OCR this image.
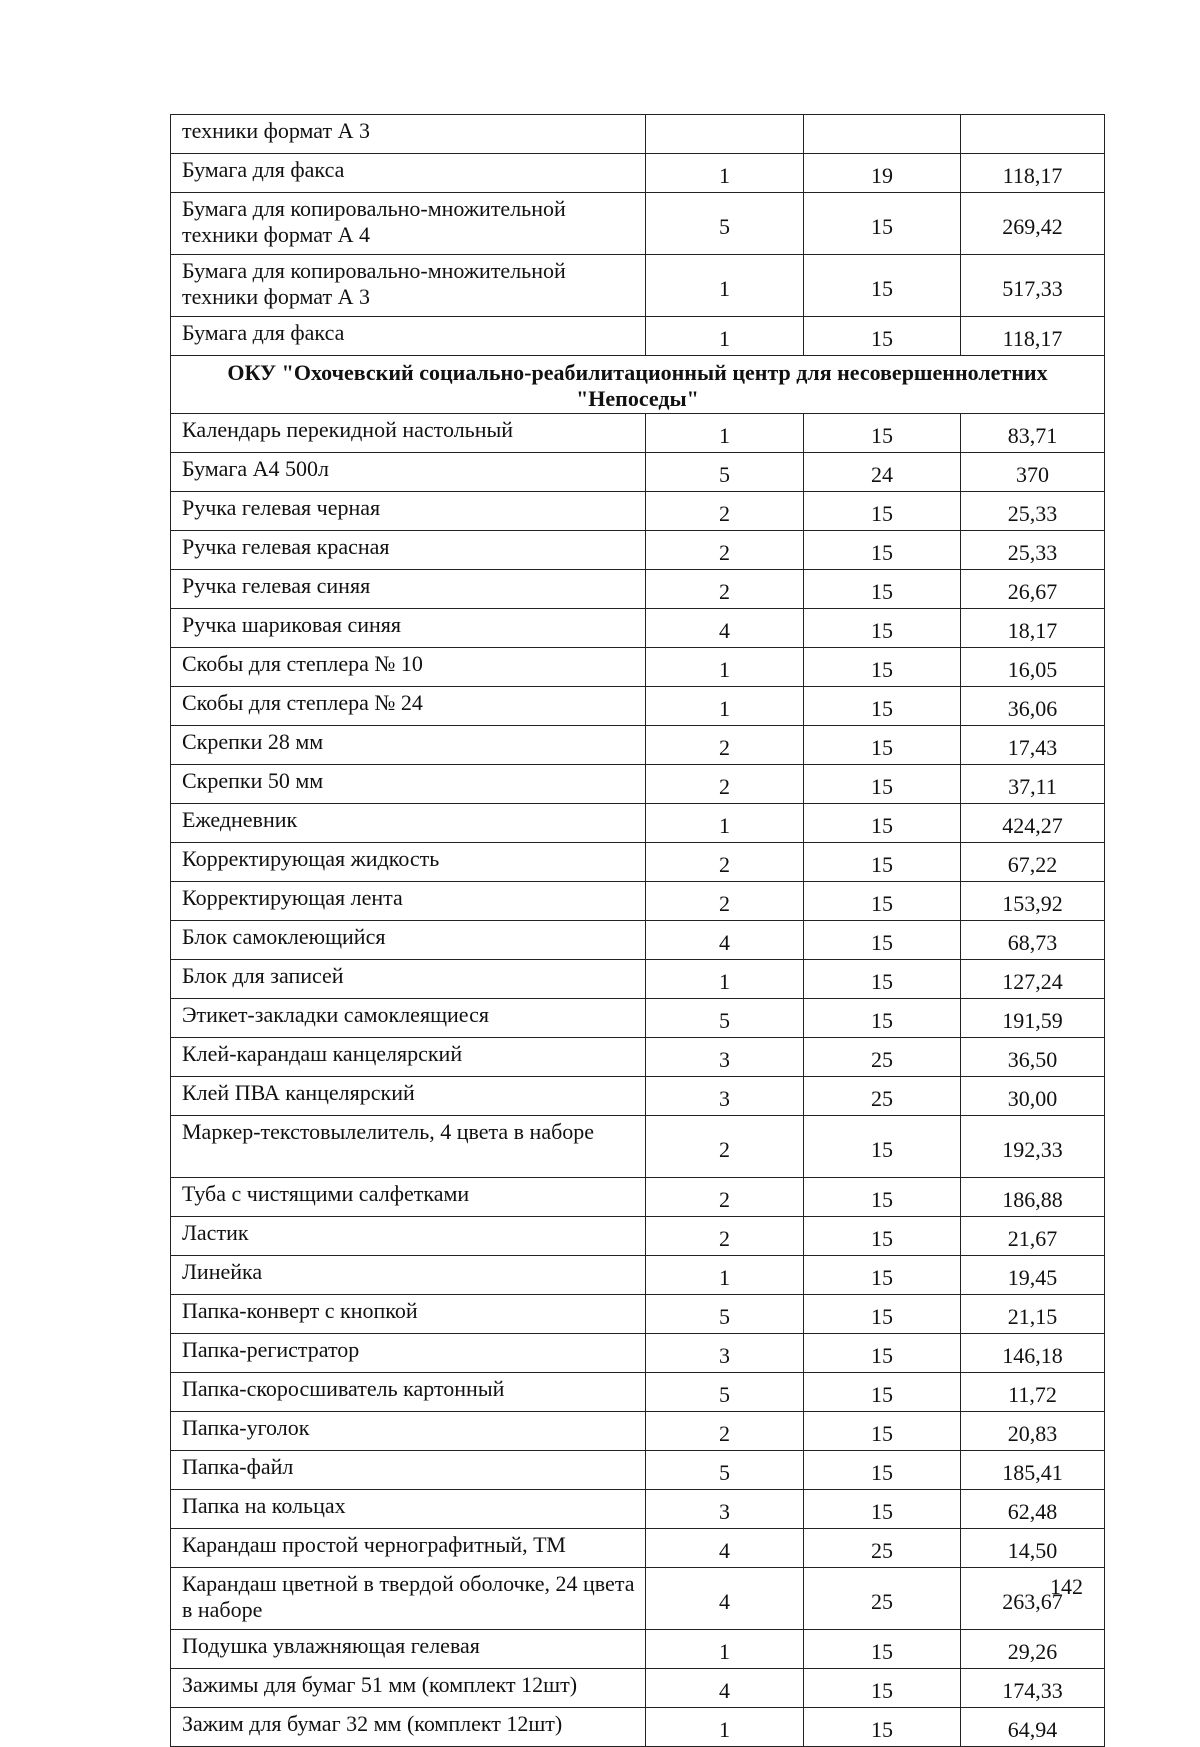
техники формат А 3			
Бумага для факса	1	19	118,17
Бумага для копировально-множительной техники формат А 4	5	15	269,42
Бумага для копировально-множительной техники формат А 3	1	15	517,33
Бумага для факса	1	15	118,17
ОКУ "Охочевский социально-реабилитационный центр для несовершеннолетних "Непоседы"			
Календарь перекидной настольный	1	15	83,71
Бумага А4 500л	5	24	370
Ручка гелевая черная	2	15	25,33
Ручка гелевая красная	2	15	25,33
Ручка гелевая синяя	2	15	26,67
Ручка шариковая синяя	4	15	18,17
Скобы для степлера № 10	1	15	16,05
Скобы для степлера № 24	1	15	36,06
Скрепки 28 мм	2	15	17,43
Скрепки 50 мм	2	15	37,11
Ежедневник	1	15	424,27
Корректирующая жидкость	2	15	67,22
Корректирующая лента	2	15	153,92
Блок самоклеющийся	4	15	68,73
Блок для записей	1	15	127,24
Этикет-закладки самоклеящиеся	5	15	191,59
Клей-карандаш канцелярский	3	25	36,50
Клей ПВА канцелярский	3	25	30,00
Маркер-текстовылелитель, 4 цвета в наборе	2	15	192,33
Туба с чистящими салфетками	2	15	186,88
Ластик	2	15	21,67
Линейка	1	15	19,45
Папка-конверт с кнопкой	5	15	21,15
Папка-регистратор	3	15	146,18
Папка-скоросшиватель картонный	5	15	11,72
Папка-уголок	2	15	20,83
Папка-файл	5	15	185,41
Папка на кольцах	3	15	62,48
Карандаш простой чернографитный, ТМ	4	25	14,50
Карандаш цветной в твердой оболочке, 24 цвета в наборе	4	25	263,67
Подушка увлажняющая гелевая	1	15	29,26
Зажимы для бумаг 51 мм (комплект 12шт)	4	15	174,33
Зажим для бумаг 32 мм (комплект 12шт)	1	15	64,94
142
